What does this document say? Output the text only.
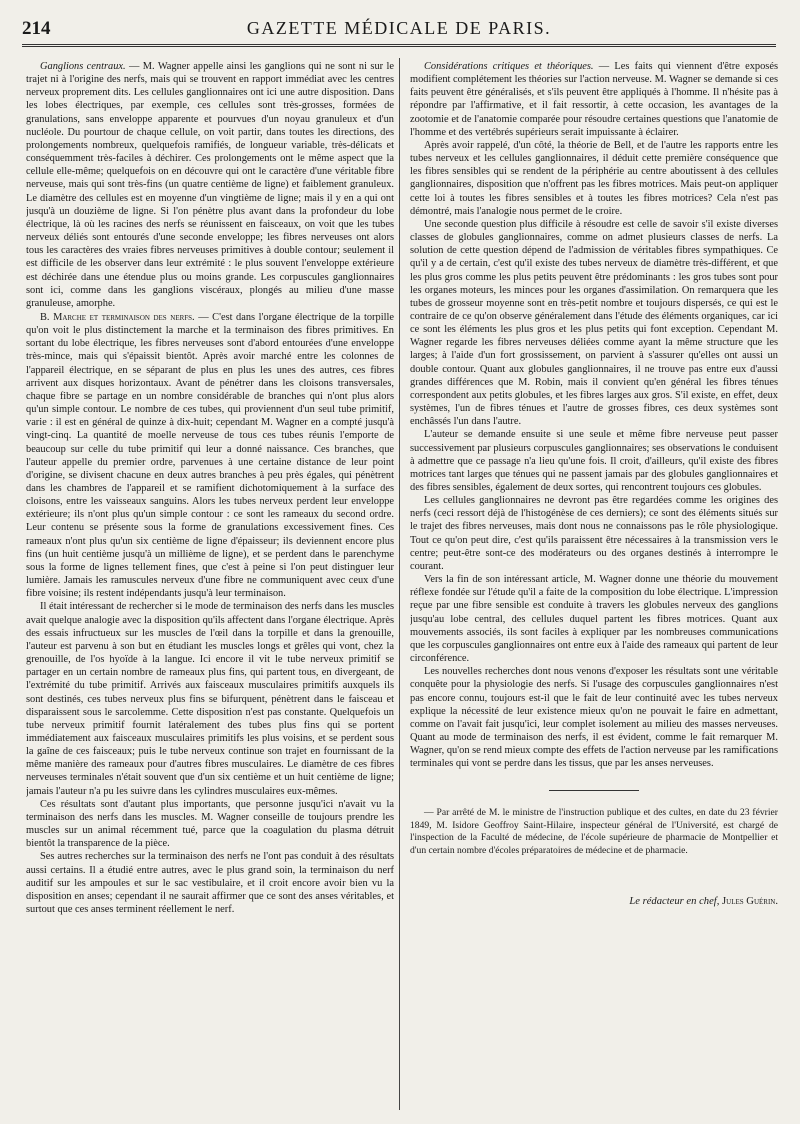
214	GAZETTE MÉDICALE DE PARIS.

Ganglions centraux. — M. Wagner appelle ainsi les ganglions qui ne sont ni sur le trajet ni à l'origine des nerfs, mais qui se trouvent en rapport immédiat avec les centres nerveux proprement dits. Les cellules ganglionnaires ont ici une autre disposition. Dans les lobes électriques, par exemple, ces cellules sont très-grosses, formées de granulations, sans enveloppe apparente et pourvues d'un noyau granuleux et d'un nucléole. Du pourtour de chaque cellule, on voit partir, dans toutes les directions, des prolongements nombreux, quelquefois ramifiés, de longueur variable, très-délicats et conséquemment très-faciles à déchirer. Ces prolongements ont le même aspect que la cellule elle-même; quelquefois on en découvre qui ont le caractère d'une véritable fibre nerveuse, mais qui sont très-fins (un quatre centième de ligne) et faiblement granuleux. Le diamètre des cellules est en moyenne d'un vingtième de ligne; mais il y en a qui ont jusqu'à un douzième de ligne. Si l'on pénètre plus avant dans la profondeur du lobe électrique, là où les racines des nerfs se réunissent en faisceaux, on voit que les tubes nerveux déliés sont entourés d'une seconde enveloppe; les fibres nerveuses ont alors tous les caractères des vraies fibres nerveuses primitives à double contour; seulement il est difficile de les observer dans leur extrémité : le plus souvent l'enveloppe extérieure est déchirée dans une étendue plus ou moins grande. Les corpuscules ganglionnaires sont ici, comme dans les ganglions viscéraux, plongés au milieu d'une masse granuleuse, amorphe.

B. Marche et terminaison des nerfs. — C'est dans l'organe électrique de la torpille qu'on voit le plus distinctement la marche et la terminaison des fibres primitives. En sortant du lobe électrique, les fibres nerveuses sont d'abord entourées d'une enveloppe très-mince, mais qui s'épaissit bientôt. Après avoir marché entre les colonnes de l'appareil électrique, en se séparant de plus en plus les unes des autres, ces fibres arrivent aux disques horizontaux. Avant de pénétrer dans les cloisons transversales, chaque fibre se partage en un nombre considérable de branches qui n'ont plus alors qu'un simple contour. Le nombre de ces tubes, qui proviennent d'un seul tube primitif, varie : il est en général de quinze à dix-huit; cependant M. Wagner en a compté jusqu'à vingt-cinq. La quantité de moelle nerveuse de tous ces tubes réunis l'emporte de beaucoup sur celle du tube primitif qui leur a donné naissance. Ces branches, que l'auteur appelle du premier ordre, parvenues à une certaine distance de leur point d'origine, se divisent chacune en deux autres branches à peu près égales, qui pénètrent dans les chambres de l'appareil et se ramifient dichotomiquement à la surface des cloisons, entre les vaisseaux sanguins. Alors les tubes nerveux perdent leur enveloppe extérieure; ils n'ont plus qu'un simple contour : ce sont les rameaux du second ordre. Leur contenu se présente sous la forme de granulations excessivement fines. Ces rameaux n'ont plus qu'un six centième de ligne d'épaisseur; ils deviennent encore plus fins (un huit centième jusqu'à un millième de ligne), et se perdent dans le parenchyme sous la forme de lignes tellement fines, que c'est à peine si l'on peut distinguer leur lumière. Jamais les ramuscules nerveux d'une fibre ne communiquent avec ceux d'une fibre voisine; ils restent indépendants jusqu'à leur terminaison.

Il était intéressant de rechercher si le mode de terminaison des nerfs dans les muscles avait quelque analogie avec la disposition qu'ils affectent dans l'organe électrique. Après des essais infructueux sur les muscles de l'œil dans la torpille et dans la grenouille, l'auteur est parvenu à son but en étudiant les muscles longs et grêles qui vont, chez la grenouille, de l'os hyoïde à la langue. Ici encore il vit le tube nerveux primitif se partager en un certain nombre de rameaux plus fins, qui partent tous, en divergeant, de l'extrémité du tube primitif. Arrivés aux faisceaux musculaires primitifs auxquels ils sont destinés, ces tubes nerveux plus fins se bifurquent, pénètrent dans le faisceau et disparaissent sous le sarcolemme. Cette disposition n'est pas constante. Quelquefois un tube nerveux primitif fournit latéralement des tubes plus fins qui se portent immédiatement aux faisceaux musculaires primitifs les plus voisins, et se perdent sous la gaîne de ces faisceaux; puis le tube nerveux continue son trajet en fournissant de la même manière des rameaux pour d'autres fibres musculaires. Le diamètre de ces fibres nerveuses terminales n'était souvent que d'un six centième et un huit centième de ligne; jamais l'auteur n'a pu les suivre dans les cylindres musculaires eux-mêmes.

Ces résultats sont d'autant plus importants, que personne jusqu'ici n'avait vu la terminaison des nerfs dans les muscles. M. Wagner conseille de toujours prendre les muscles sur un animal récemment tué, parce que la coagulation du plasma détruit bientôt la transparence de la pièce.

Ses autres recherches sur la terminaison des nerfs ne l'ont pas conduit à des résultats aussi certains. Il a étudié entre autres, avec le plus grand soin, la terminaison du nerf auditif sur les ampoules et sur le sac vestibulaire, et il croit encore avoir bien vu la disposition en anses; cependant il ne saurait affirmer que ce sont des anses véritables, et surtout que ces anses terminent réellement le nerf.

Considérations critiques et théoriques. — Les faits qui viennent d'être exposés modifient complétement les théories sur l'action nerveuse. M. Wagner se demande si ces faits peuvent être généralisés, et s'ils peuvent être appliqués à l'homme. Il n'hésite pas à répondre par l'affirmative, et il fait ressortir, à cette occasion, les avantages de la zootomie et de l'anatomie comparée pour résoudre certaines questions que l'anatomie de l'homme et des vertébrés supérieurs serait impuissante à éclairer.

Après avoir rappelé, d'un côté, la théorie de Bell, et de l'autre les rapports entre les tubes nerveux et les cellules ganglionnaires, il déduit cette première conséquence que les fibres sensibles qui se rendent de la périphérie au centre aboutissent à des cellules ganglionnaires, disposition que n'offrent pas les fibres motrices. Mais peut-on appliquer cette loi à toutes les fibres sensibles et à toutes les fibres motrices? Cela n'est pas démontré, mais l'analogie nous permet de le croire.

Une seconde question plus difficile à résoudre est celle de savoir s'il existe diverses classes de globules ganglionnaires, comme on admet plusieurs classes de nerfs. La solution de cette question dépend de l'admission de véritables fibres sympathiques. Ce qu'il y a de certain, c'est qu'il existe des tubes nerveux de diamètre très-différent, et que les plus gros comme les plus petits peuvent être prédominants : les gros tubes sont pour les organes moteurs, les minces pour les organes d'assimilation. On remarquera que les tubes de grosseur moyenne sont en très-petit nombre et toujours dispersés, ce qui est le contraire de ce qu'on observe généralement dans l'étude des éléments organiques, car ici ce sont les éléments les plus gros et les plus petits qui font exception. Cependant M. Wagner regarde les fibres nerveuses déliées comme ayant la même structure que les larges; à l'aide d'un fort grossissement, on parvient à s'assurer qu'elles ont aussi un double contour. Quant aux globules ganglionnaires, il ne trouve pas entre eux d'aussi grandes différences que M. Robin, mais il convient qu'en général les fibres ténues correspondent aux petits globules, et les fibres larges aux gros. S'il existe, en effet, deux systèmes, l'un de fibres ténues et l'autre de grosses fibres, ces deux systèmes sont enchâssés l'un dans l'autre.

L'auteur se demande ensuite si une seule et même fibre nerveuse peut passer successivement par plusieurs corpuscules ganglionnaires; ses observations le conduisent à admettre que ce passage n'a lieu qu'une fois. Il croit, d'ailleurs, qu'il existe des fibres motrices tant larges que ténues qui ne passent jamais par des globules ganglionnaires et des fibres sensibles, également de deux sortes, qui rencontrent toujours ces globules.

Les cellules ganglionnaires ne devront pas être regardées comme les origines des nerfs (ceci ressort déjà de l'histogénèse de ces derniers); ce sont des éléments situés sur le trajet des fibres nerveuses, mais dont nous ne connaissons pas le rôle physiologique. Tout ce qu'on peut dire, c'est qu'ils paraissent être nécessaires à la transmission vers le centre; peut-être sont-ce des modérateurs ou des organes destinés à interrompre le courant.

Vers la fin de son intéressant article, M. Wagner donne une théorie du mouvement réflexe fondée sur l'étude qu'il a faite de la composition du lobe électrique. L'impression reçue par une fibre sensible est conduite à travers les globules nerveux des ganglions jusqu'au lobe central, des cellules duquel partent les fibres motrices. Quant aux mouvements associés, ils sont faciles à expliquer par les nombreuses communications que les corpuscules ganglionnaires ont entre eux à l'aide des rameaux qui partent de leur circonférence.

Les nouvelles recherches dont nous venons d'exposer les résultats sont une véritable conquête pour la physiologie des nerfs. Si l'usage des corpuscules ganglionnaires n'est pas encore connu, toujours est-il que le fait de leur continuité avec les tubes nerveux explique la nécessité de leur existence mieux qu'on ne pouvait le faire en admettant, comme on l'avait fait jusqu'ici, leur complet isolement au milieu des masses nerveuses. Quant au mode de terminaison des nerfs, il est évident, comme le fait remarquer M. Wagner, qu'on se rend mieux compte des effets de l'action nerveuse par les ramifications terminales qui vont se perdre dans les tissus, que par les anses nerveuses.

— Par arrêté de M. le ministre de l'instruction publique et des cultes, en date du 23 février 1849, M. Isidore Geoffroy Saint-Hilaire, inspecteur général de l'Université, est chargé de l'inspection de la Faculté de médecine, de l'école supérieure de pharmacie de Montpellier et d'un certain nombre d'écoles préparatoires de médecine et de pharmacie.

Le rédacteur en chef, Jules Guérin.
